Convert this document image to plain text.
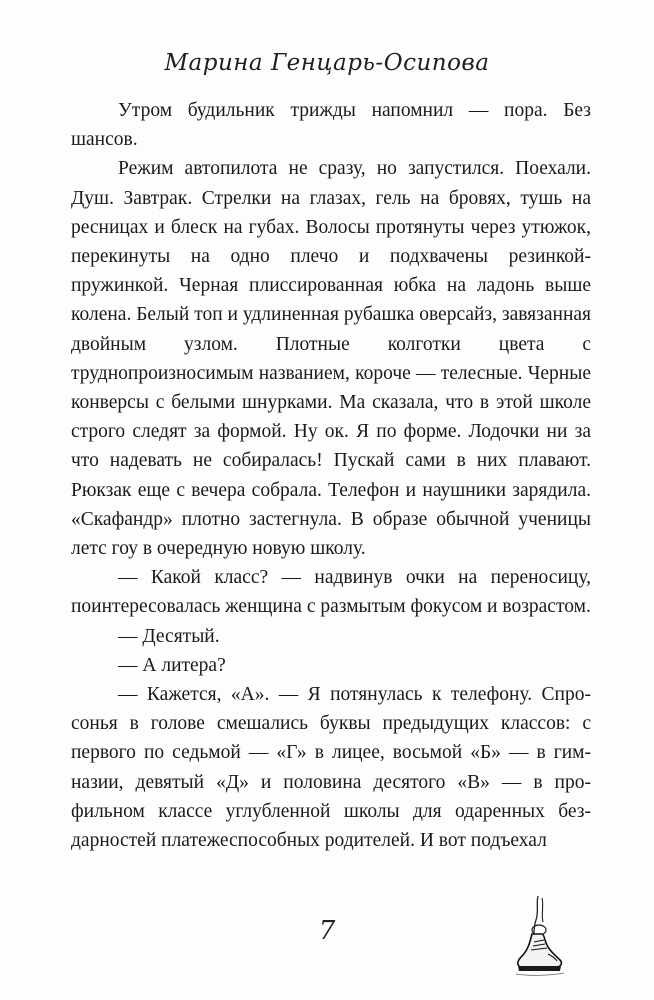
Марина Генцарь-Осипова

Утром будильник трижды напомнил — пора. Без шансов.

Режим автопилота не сразу, но запустился. Поехали. Душ. Завтрак. Стрелки на глазах, гель на бровях, тушь на ресницах и блеск на губах. Волосы протянуты через утюжок, перекинуты на одно плечо и подхвачены резинкой-пружинкой. Черная плиссированная юбка на ладонь выше колена. Белый топ и удлиненная рубашка оверсайз, завязанная двойным узлом. Плотные колготки цвета с труднопроизносимым названием, короче — телесные. Черные конверсы с белыми шнурками. Ма сказала, что в этой школе строго следят за формой. Ну ок. Я по форме. Лодочки ни за что надевать не собиралась! Пускай сами в них плавают. Рюкзак еще с вечера собрала. Телефон и наушники зарядила. «Скафандр» плотно застегнула. В образе обычной ученицы летс гоу в очередную новую школу.

— Какой класс? — надвинув очки на переносицу, поинтересовалась женщина с размытым фокусом и возрастом.

— Десятый.

— А литера?

— Кажется, «А». — Я потянулась к телефону. Спросонья в голове смешались буквы предыдущих классов: с первого по седьмой — «Г» в лицее, восьмой «Б» — в гимназии, девятый «Д» и половина десятого «В» — в профильном классе углубленной школы для одаренных бездарностей платежеспособных родителей. И вот подъехал

7
